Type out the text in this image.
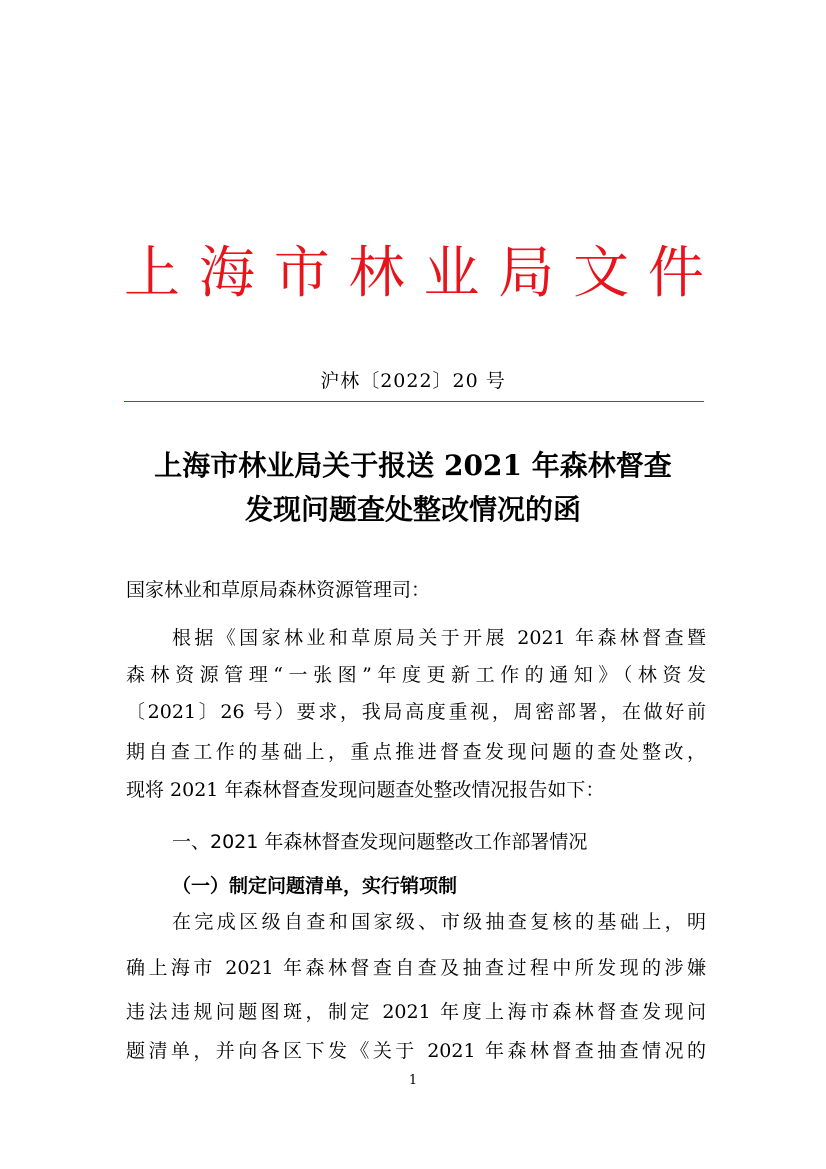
上 海 市 林 业 局 文 件
沪林〔2022〕20 号
上海市林业局关于报送 2021 年森林督查
发现问题查处整改情况的函
国家林业和草原局森林资源管理司：
根据《国家林业和草原局关于开展 2021 年森林督查暨
森林资源管理“一张图”年度更新工作的通知》（林资发
〔2021〕26 号）要求，我局高度重视，周密部署，在做好前
期自查工作的基础上，重点推进督查发现问题的查处整改，
现将 2021 年森林督查发现问题查处整改情况报告如下：
一、2021 年森林督查发现问题整改工作部署情况
（一）制定问题清单，实行销项制
在完成区级自查和国家级、市级抽查复核的基础上，明
确上海市 2021 年森林督查自查及抽查过程中所发现的涉嫌
违法违规问题图斑，制定 2021 年度上海市森林督查发现问
题清单，并向各区下发《关于 2021 年森林督查抽查情况的
1
